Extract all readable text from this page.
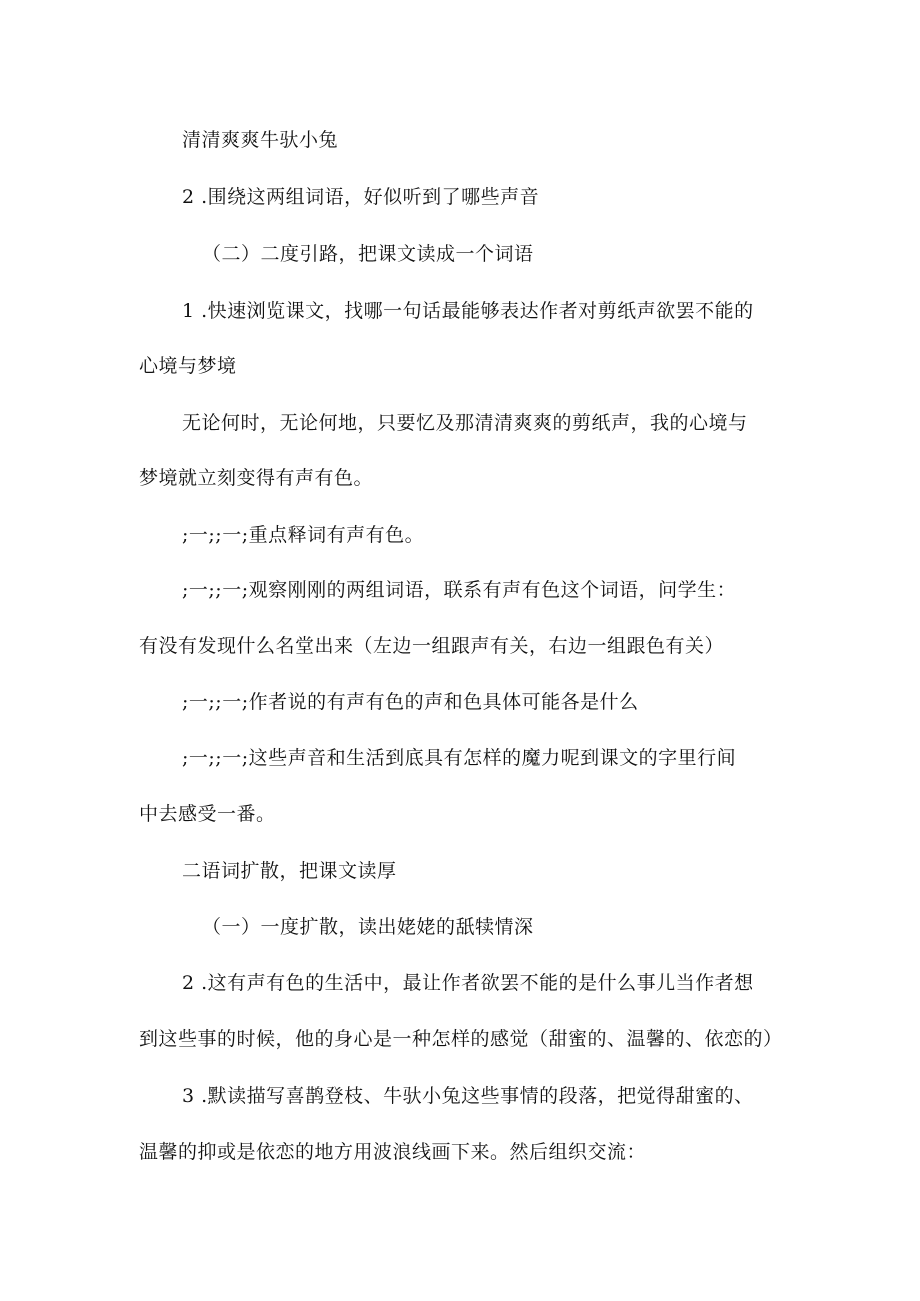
清清爽爽牛驮小兔

2 .围绕这两组词语，好似听到了哪些声音

（二）二度引路，把课文读成一个词语

1 .快速浏览课文，找哪一句话最能够表达作者对剪纸声欲罢不能的

心境与梦境

无论何时，无论何地，只要忆及那清清爽爽的剪纸声，我的心境与

梦境就立刻变得有声有色。

;一;;一;重点释词有声有色。

;一;;一;观察刚刚的两组词语，联系有声有色这个词语，问学生：

有没有发现什么名堂出来（左边一组跟声有关，右边一组跟色有关）

;一;;一;作者说的有声有色的声和色具体可能各是什么

;一;;一;这些声音和生活到底具有怎样的魔力呢到课文的字里行间

中去感受一番。

二语词扩散，把课文读厚

（一）一度扩散，读出姥姥的舐犊情深

2 .这有声有色的生活中，最让作者欲罢不能的是什么事儿当作者想

到这些事的时候，他的身心是一种怎样的感觉（甜蜜的、温馨的、依恋的）

3 .默读描写喜鹊登枝、牛驮小兔这些事情的段落，把觉得甜蜜的、

温馨的抑或是依恋的地方用波浪线画下来。然后组织交流：
